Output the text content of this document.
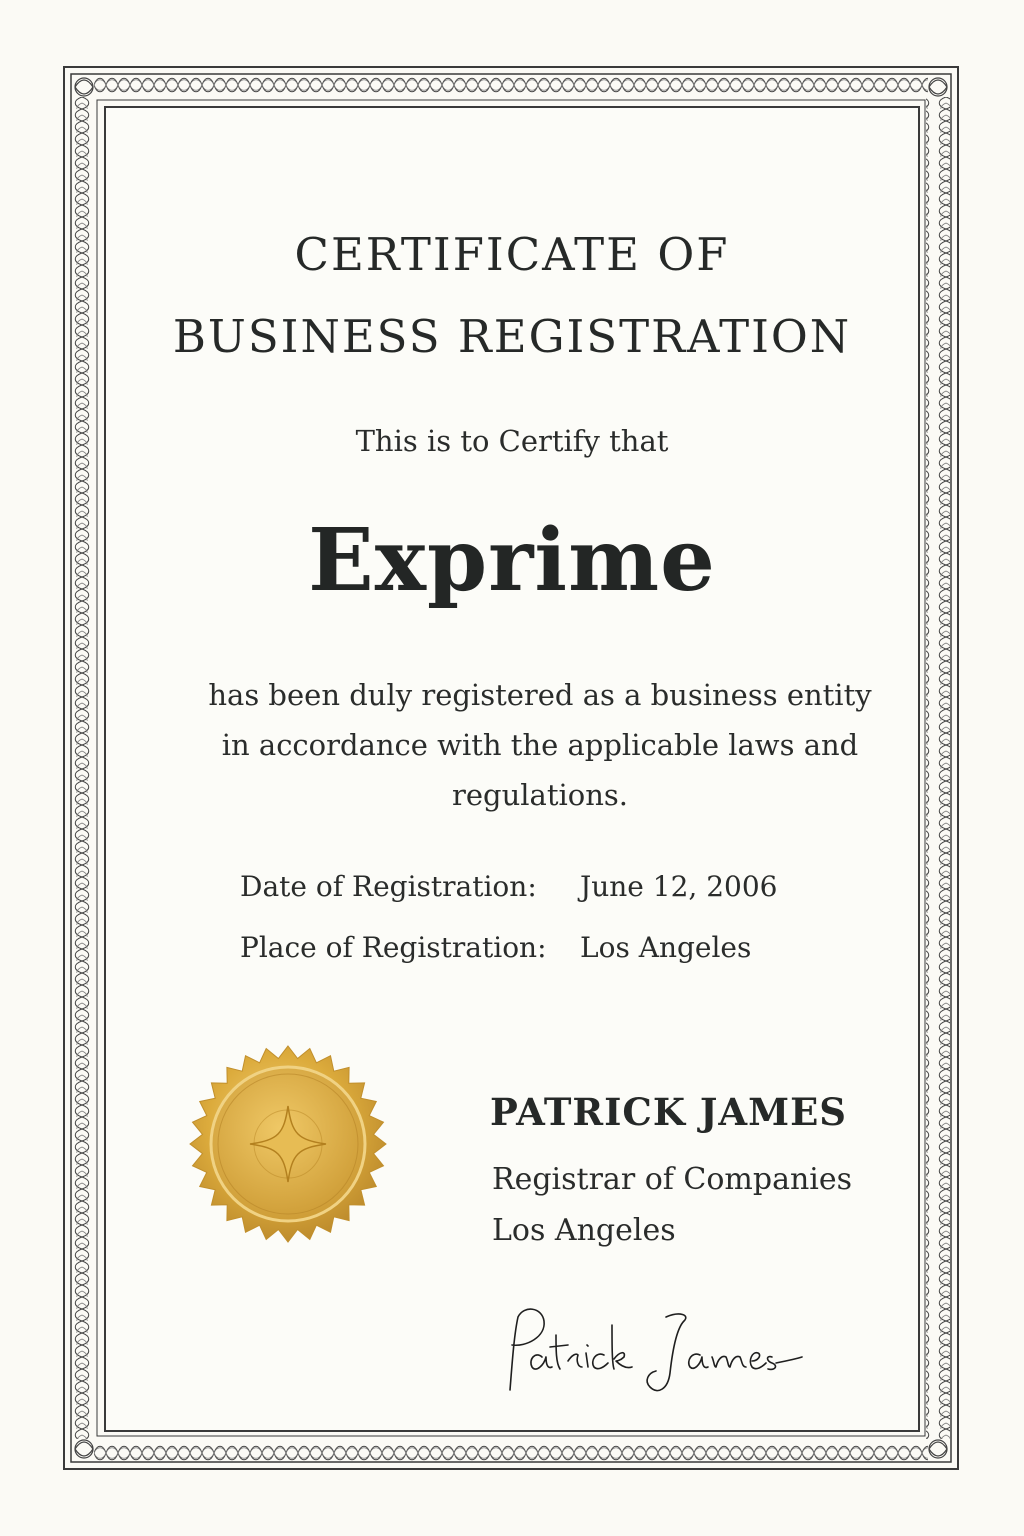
CERTIFICATE OF
BUSINESS REGISTRATION
This is to Certify that
Exprime
has been duly registered as a business entity in accordance with the applicable laws and regulations.
Date of Registration: June 12, 2006
Place of Registration: Los Angeles
PATRICK JAMES
Registrar of Companies
Los Angeles
